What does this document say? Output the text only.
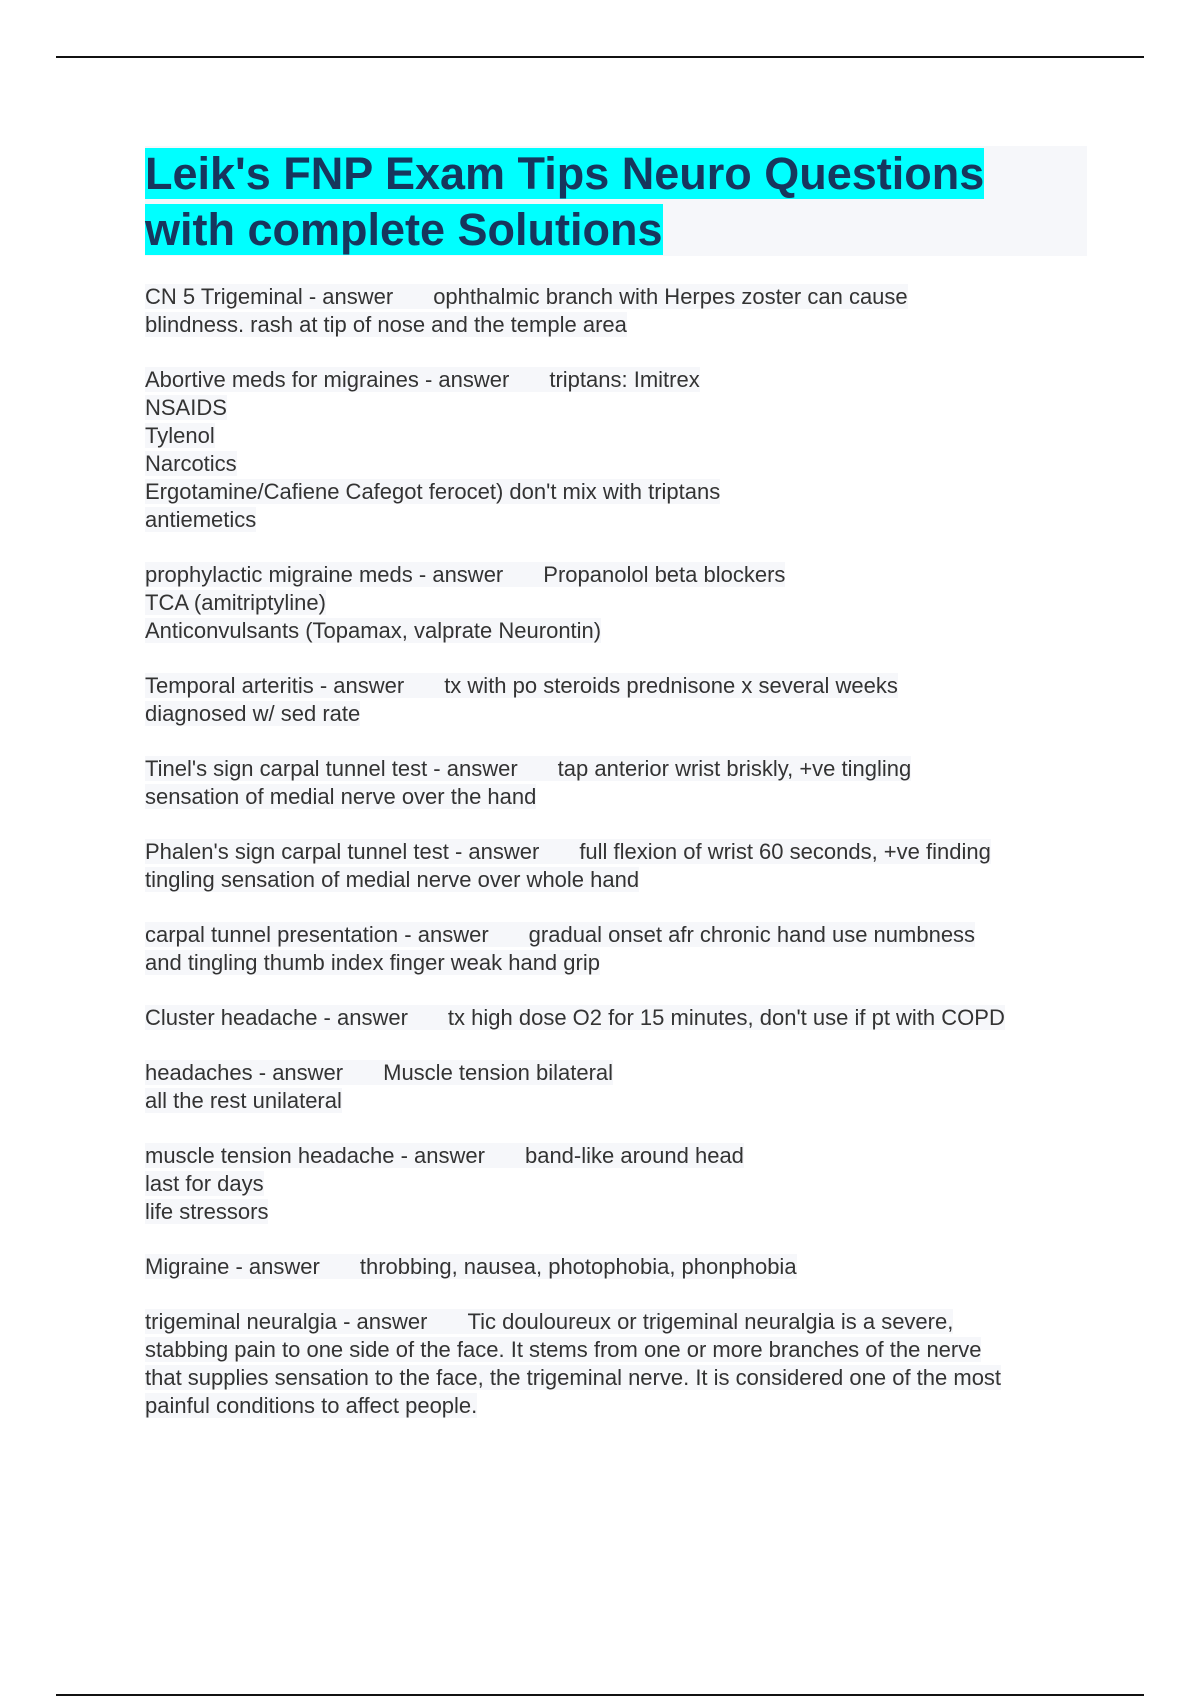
Leik's FNP Exam Tips Neuro Questions
with complete Solutions
CN 5 Trigeminal - answer ophthalmic branch with Herpes zoster can cause
blindness. rash at tip of nose and the temple area
Abortive meds for migraines - answer triptans: Imitrex
NSAIDS
Tylenol
Narcotics
Ergotamine/Cafiene Cafegot ferocet) don't mix with triptans
antiemetics
prophylactic migraine meds - answer Propanolol beta blockers
TCA (amitriptyline)
Anticonvulsants (Topamax, valprate Neurontin)
Temporal arteritis - answer tx with po steroids prednisone x several weeks
diagnosed w/ sed rate
Tinel's sign carpal tunnel test - answer tap anterior wrist briskly, +ve tingling
sensation of medial nerve over the hand
Phalen's sign carpal tunnel test - answer full flexion of wrist 60 seconds, +ve finding
tingling sensation of medial nerve over whole hand
carpal tunnel presentation - answer gradual onset afr chronic hand use numbness
and tingling thumb index finger weak hand grip
Cluster headache - answer tx high dose O2 for 15 minutes, don't use if pt with COPD
headaches - answer Muscle tension bilateral
all the rest unilateral
muscle tension headache - answer band-like around head
last for days
life stressors
Migraine - answer throbbing, nausea, photophobia, phonphobia
trigeminal neuralgia - answer Tic douloureux or trigeminal neuralgia is a severe,
stabbing pain to one side of the face. It stems from one or more branches of the nerve
that supplies sensation to the face, the trigeminal nerve. It is considered one of the most
painful conditions to affect people.
